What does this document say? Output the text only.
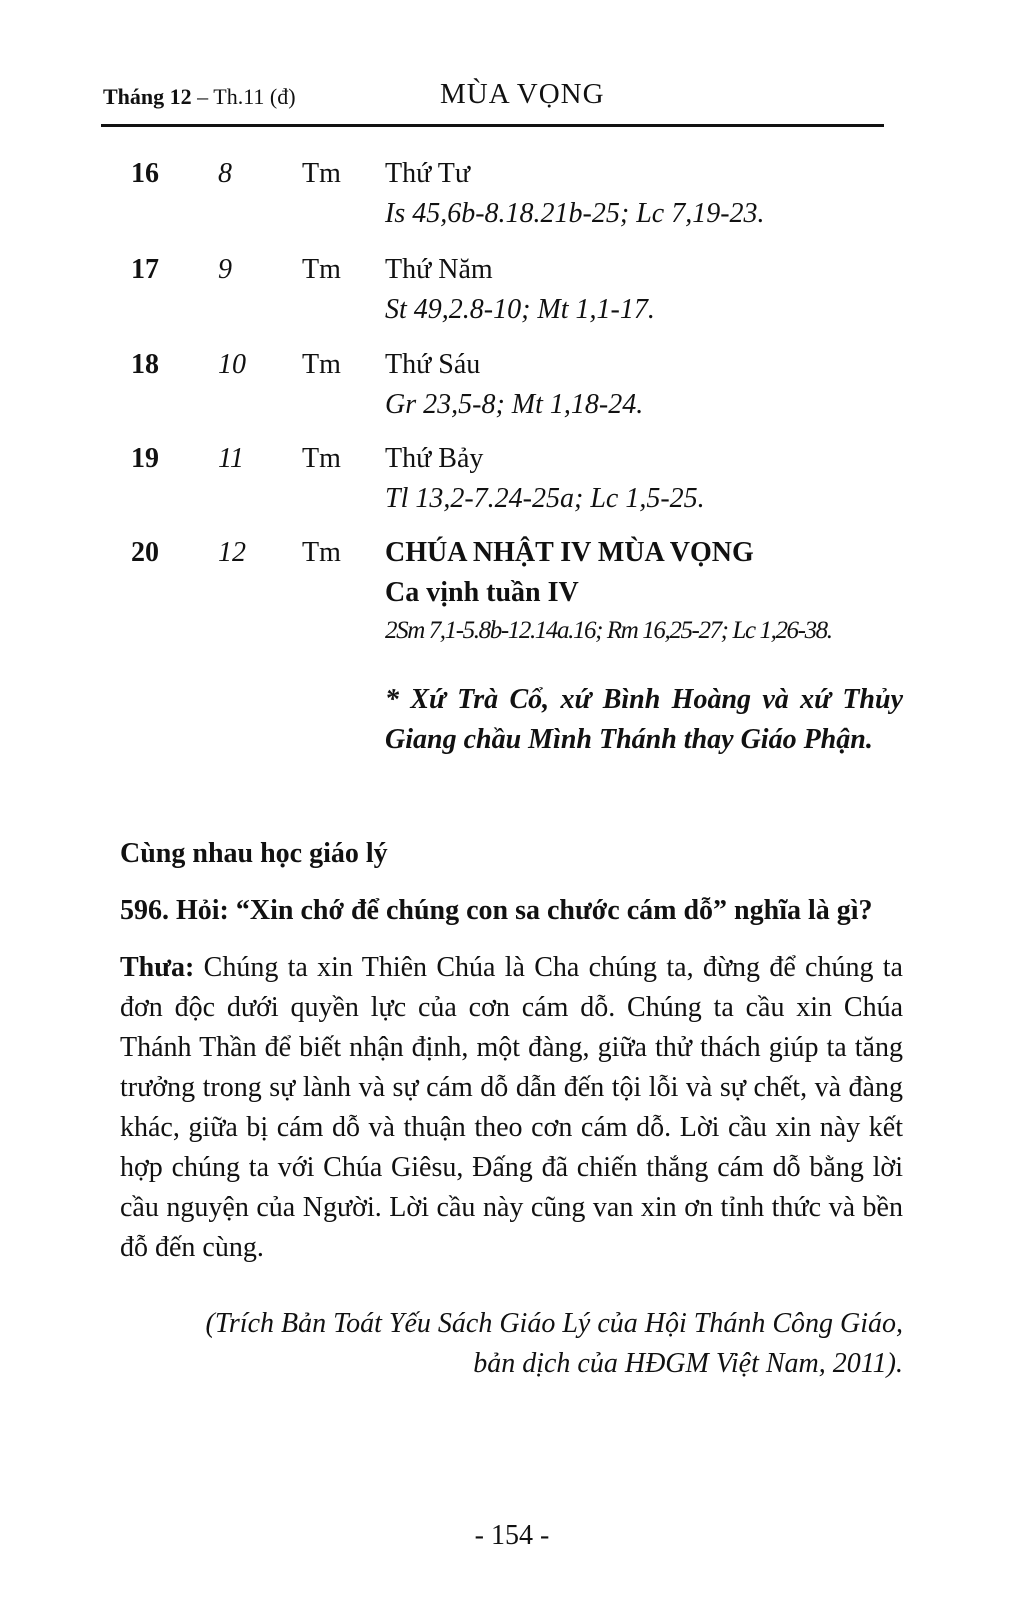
Tháng 12 – Th.11 (đ)	MÙA VỌNG
16 8	Tm Thứ Tư
Is 45,6b-8.18.21b-25; Lc 7,19-23.
17 9	Tm Thứ Năm
St 49,2.8-10; Mt 1,1-17.
18 10 Tm Thứ Sáu
Gr 23,5-8; Mt 1,18-24.
19 11 Tm Thứ Bảy
Tl 13,2-7.24-25a; Lc 1,5-25.
20 12 Tm CHÚA NHẬT IV MÙA VỌNG
Ca vịnh tuần IV
2Sm 7,1-5.8b-12.14a.16; Rm 16,25-27; Lc 1,26-38.
* Xứ Trà Cổ, xứ Bình Hoàng và xứ Thủy Giang chầu Mình Thánh thay Giáo Phận.
Cùng nhau học giáo lý
596. Hỏi: “Xin chớ để chúng con sa chước cám dỗ” nghĩa là gì?
Thưa: Chúng ta xin Thiên Chúa là Cha chúng ta, đừng để chúng ta đơn độc dưới quyền lực của cơn cám dỗ. Chúng ta cầu xin Chúa Thánh Thần để biết nhận định, một đàng, giữa thử thách giúp ta tăng trưởng trong sự lành và sự cám dỗ dẫn đến tội lỗi và sự chết, và đàng khác, giữa bị cám dỗ và thuận theo cơn cám dỗ. Lời cầu xin này kết hợp chúng ta với Chúa Giêsu, Đấng đã chiến thắng cám dỗ bằng lời cầu nguyện của Người. Lời cầu này cũng van xin ơn tỉnh thức và bền đỗ đến cùng.
(Trích Bản Toát Yếu Sách Giáo Lý của Hội Thánh Công Giáo,
bản dịch của HĐGM Việt Nam, 2011).
- 154 -
